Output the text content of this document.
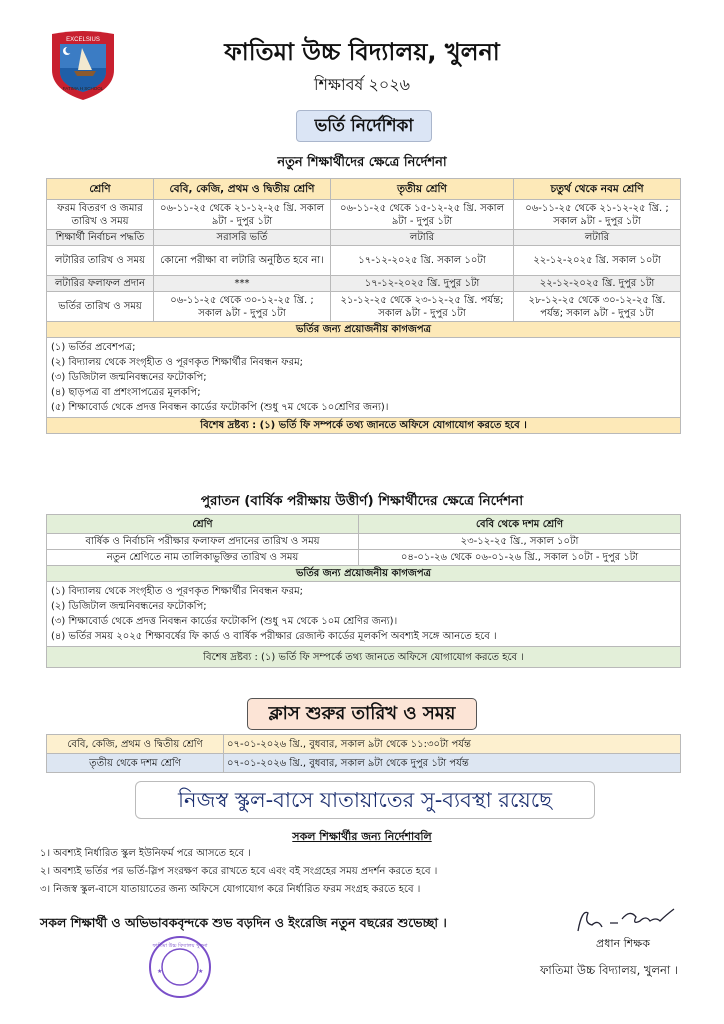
EXCELSIUS
FATIMA H SCHOOL
ফাতিমা উচ্চ বিদ্যালয়, খুলনা
শিক্ষাবর্ষ ২০২৬
ভর্তি নির্দেশিকা
নতুন শিক্ষার্থীদের ক্ষেত্রে নির্দেশনা
শ্রেণি	বেবি, কেজি, প্রথম ও দ্বিতীয় শ্রেণি	তৃতীয় শ্রেণি	চতুর্থ থেকে নবম শ্রেণি
ফরম বিতরণ ও জমার তারিখ ও সময়	০৬-১১-২৫ থেকে ২১-১২-২৫ খ্রি. সকাল ৯টা - দুপুর ১টা	০৬-১১-২৫ থেকে ১৫-১২-২৫ খ্রি. সকাল ৯টা - দুপুর ১টা	০৬-১১-২৫ থেকে ২১-১২-২৫ খ্রি. ; সকাল ৯টা - দুপুর ১টা
শিক্ষার্থী নির্বাচন পদ্ধতি	সরাসরি ভর্তি	লটারি	লটারি
লটারির তারিখ ও সময়	কোনো পরীক্ষা বা লটারি অনুষ্ঠিত হবে না।	১৭-১২-২০২৫ খ্রি. সকাল ১০টা	২২-১২-২০২৫ খ্রি. সকাল ১০টা
লটারির ফলাফল প্রদান	***	১৭-১২-২০২৫ খ্রি. দুপুর ১টা	২২-১২-২০২৫ খ্রি. দুপুর ১টা
ভর্তির তারিখ ও সময়	০৬-১১-২৫ থেকে ৩০-১২-২৫ খ্রি. ; সকাল ৯টা - দুপুর ১টা	২১-১২-২৫ থেকে ২৩-১২-২৫ খ্রি. পর্যন্ত; সকাল ৯টা - দুপুর ১টা	২৮-১২-২৫ থেকে ৩০-১২-২৫ খ্রি. পর্যন্ত; সকাল ৯টা - দুপুর ১টা
ভর্তির জন্য প্রয়োজনীয় কাগজপত্র			

(১) ভর্তির প্রবেশপত্র;
(২) বিদ্যালয় থেকে সংগৃহীত ও পূরণকৃত শিক্ষার্থীর নিবন্ধন ফরম;
(৩) ডিজিটাল জন্মনিবন্ধনের ফটোকপি;
(৪) ছাড়পত্র বা প্রশংসাপত্রের মূলকপি;
(৫) শিক্ষাবোর্ড থেকে প্রদত্ত নিবন্ধন কার্ডের ফটোকপি (শুধু ৭ম থেকে ১০শ্রেণির জন্য)।			

বিশেষ দ্রষ্টব্য : (১) ভর্তি ফি সম্পর্কে তথ্য জানতে অফিসে যোগাযোগ করতে হবে ।			
পুরাতন (বার্ষিক পরীক্ষায় উত্তীর্ণ) শিক্ষার্থীদের ক্ষেত্রে নির্দেশনা
শ্রেণি	বেবি থেকে দশম শ্রেণি
বার্ষিক ও নির্বাচনি পরীক্ষার ফলাফল প্রদানের তারিখ ও সময়	২৩-১২-২৫ খ্রি., সকাল ১০টা
নতুন শ্রেণিতে নাম তালিকাভুক্তির তারিখ ও সময়	০৪-০১-২৬ থেকে ০৬-০১-২৬ খ্রি., সকাল ১০টা - দুপুর ১টা
ভর্তির জন্য প্রয়োজনীয় কাগজপত্র	

(১) বিদ্যালয় থেকে সংগৃহীত ও পূরণকৃত শিক্ষার্থীর নিবন্ধন ফরম;
(২) ডিজিটাল জন্মনিবন্ধনের ফটোকপি;
(৩) শিক্ষাবোর্ড থেকে প্রদত্ত নিবন্ধন কার্ডের ফটোকপি (শুধু ৭ম থেকে ১০ম শ্রেণির জন্য)।
(৪) ভর্তির সময় ২০২৫ শিক্ষাবর্ষের ফি কার্ড ও বার্ষিক পরীক্ষার রেজাল্ট কার্ডের মূলকপি অবশ্যই সঙ্গে আনতে হবে ।	

বিশেষ দ্রষ্টব্য : (১) ভর্তি ফি সম্পর্কে তথ্য জানতে অফিসে যোগাযোগ করতে হবে ।	
ক্লাস শুরুর তারিখ ও সময়
বেবি, কেজি, প্রথম ও দ্বিতীয় শ্রেণি	০৭-০১-২০২৬ খ্রি., বুধবার, সকাল ৯টা থেকে ১১:৩০টা পর্যন্ত
তৃতীয় থেকে দশম শ্রেণি	০৭-০১-২০২৬ খ্রি., বুধবার, সকাল ৯টা থেকে দুপুর ১টা পর্যন্ত
নিজস্ব স্কুল-বাসে যাতায়াতের সু-ব্যবস্থা রয়েছে
সকল শিক্ষার্থীর জন্য নির্দেশাবলি
১। অবশ্যই নির্ধারিত স্কুল ইউনিফর্ম পরে আসতে হবে ।
২। অবশ্যই ভর্তির পর ভর্তি-স্লিপ সংরক্ষণ করে রাখতে হবে এবং বই সংগ্রহের সময় প্রদর্শন করতে হবে ।
৩। নিজস্ব স্কুল-বাসে যাতায়াতের জন্য অফিসে যোগাযোগ করে নির্ধারিত ফরম সংগ্রহ করতে হবে ।
সকল শিক্ষার্থী ও অভিভাবকবৃন্দকে শুভ বড়দিন ও ইংরেজি নতুন বছরের শুভেচ্ছা ।
ফাতিমা উচ্চ বিদ্যালয় খুলনা
★	★
Sr. Gomes
প্রধান শিক্ষক
ফাতিমা উচ্চ বিদ্যালয়, খুলনা ।
